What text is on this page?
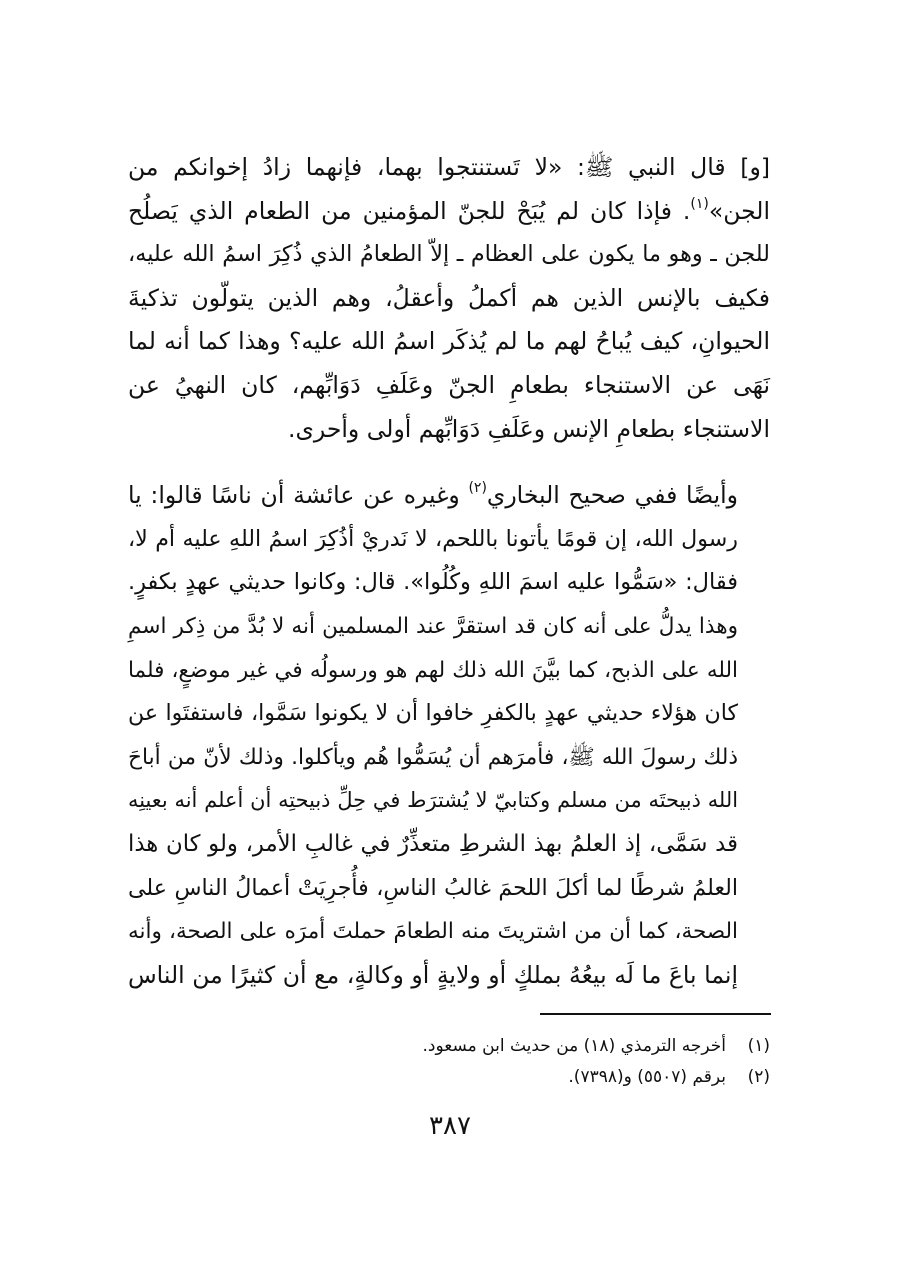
[و] قال النبي ﷺ: «لا تَستنتجوا بهما، فإنهما زادُ إخوانكم من
الجن»$^{(١)}$. فإذا كان لم يُبَحْ للجنّ المؤمنين من الطعام الذي يَصلُح
للجن ـ وهو ما يكون على العظام ـ إلاّ الطعامُ الذي ذُكِرَ اسمُ الله عليه،
فكيف بالإنس الذين هم أكملُ وأعقلُ، وهم الذين يتولّون تذكيةَ
الحيوانِ، كيف يُباحُ لهم ما لم يُذكَر اسمُ الله عليه؟ وهذا كما أنه لما
نَهَى عن الاستنجاء بطعامِ الجنّ وعَلَفِ دَوَابِّهم، كان النهيُ عن
الاستنجاء بطعامِ الإنس وعَلَفِ دَوَابِّهم أولى وأحرى.

وأيضًا ففي صحيح البخاري$^{(٢)}$ وغيره عن عائشة أن ناسًا قالوا: يا
رسول الله، إن قومًا يأتونا باللحم، لا نَدريْ أذُكِرَ اسمُ اللهِ عليه أم لا،
فقال: «سَمُّوا عليه اسمَ اللهِ وكُلُوا». قال: وكانوا حديثي عهدٍ بكفرٍ.
وهذا يدلُّ على أنه كان قد استقرَّ عند المسلمين أنه لا بُدَّ من ذِكر اسمِ
الله على الذبح، كما بيَّنَ الله ذلك لهم هو ورسولُه في غير موضعٍ، فلما
كان هؤلاء حديثي عهدٍ بالكفرِ خافوا أن لا يكونوا سَمَّوا، فاستفتَوا عن
ذلك رسولَ الله ﷺ، فأمرَهم أن يُسَمُّوا هُم ويأكلوا. وذلك لأنّ من أباحَ
الله ذبيحتَه من مسلم وكتابيّ لا يُشترَط في حِلِّ ذبيحتِه أن أعلم أنه بعينِه
قد سَمَّى، إذ العلمُ بهذ الشرطِ متعذِّرٌ في غالبِ الأمر، ولو كان هذا
العلمُ شرطًا لما أكلَ اللحمَ غالبُ الناسِ، فأُجرِيَتْ أعمالُ الناسِ على
الصحة، كما أن من اشتريتَ منه الطعامَ حملتَ أمرَه على الصحة، وأنه
إنما باعَ ما لَه بيعُهُ بملكٍ أو ولايةٍ أو وكالةٍ، مع أن كثيرًا من الناس

(١)أخرجه الترمذي (١٨) من حديث ابن مسعود.
(٢)برقم (٥٥٠٧) و(٧٣٩٨).
٣٨٧
